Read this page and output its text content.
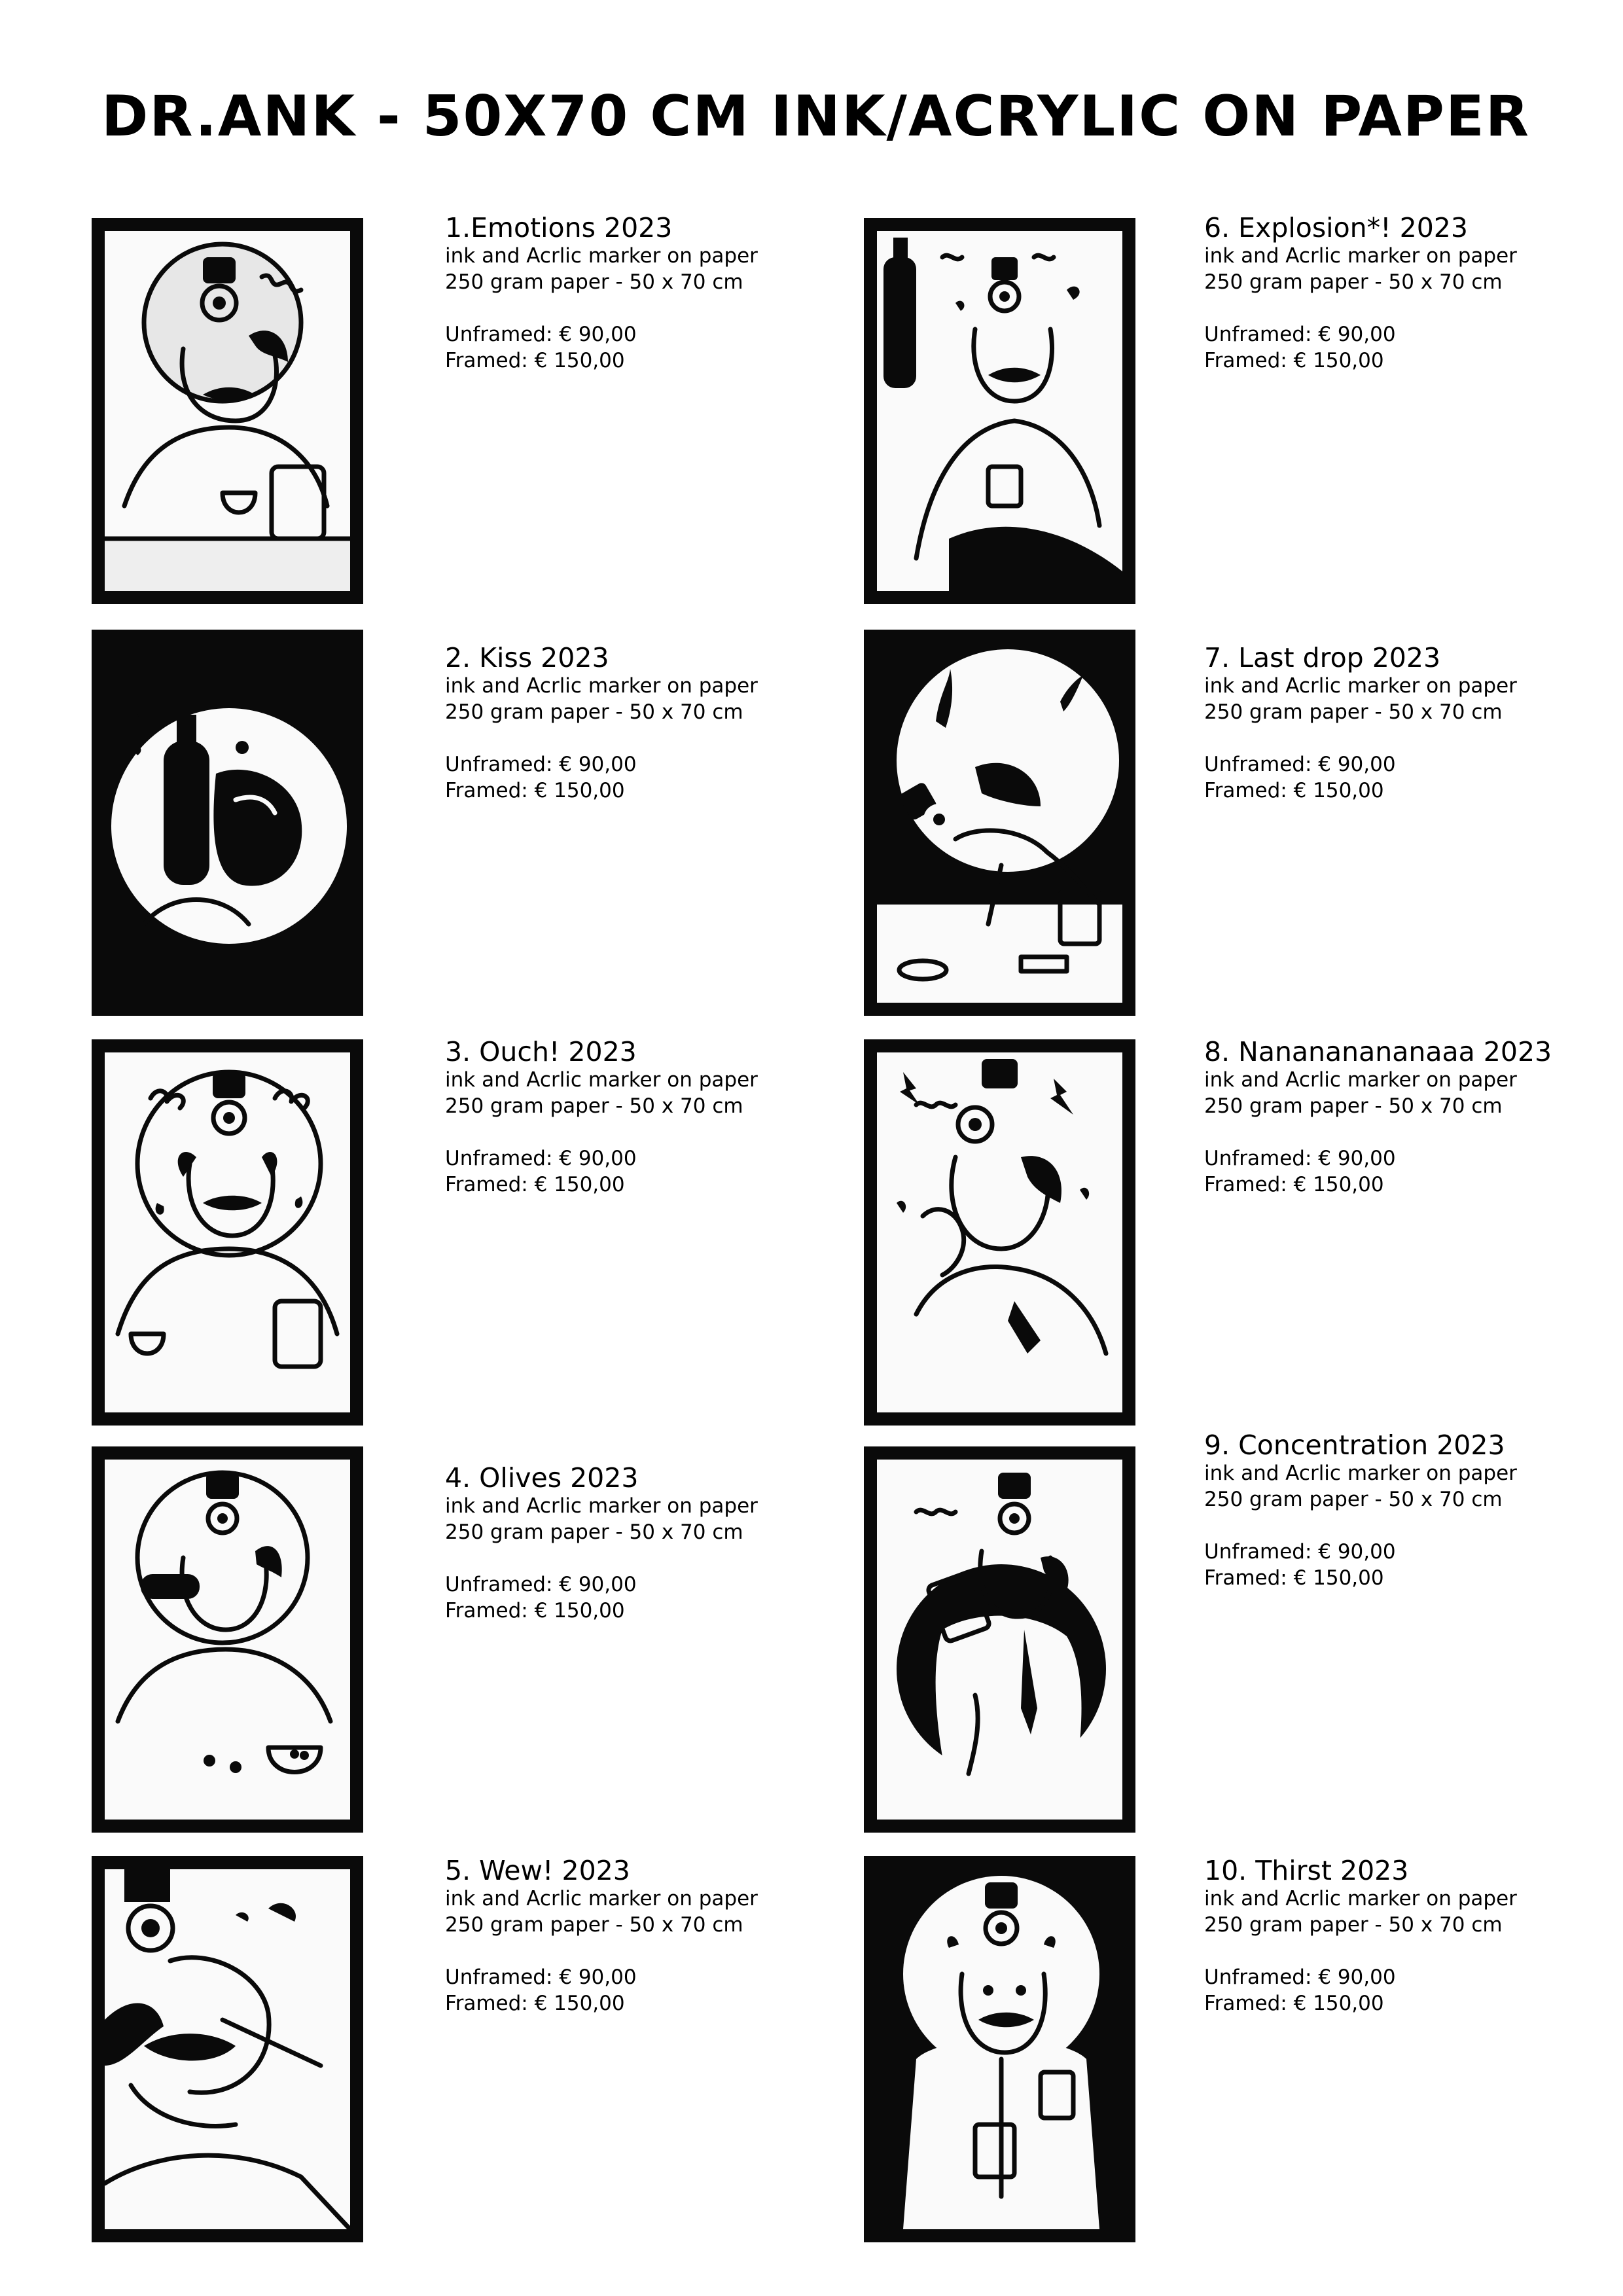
DR.ANK - 50X70 CM INK/ACRYLIC ON PAPER
1.Emotions 2023
ink and Acrlic marker on paper
250 gram paper - 50 x 70 cm
Unframed: € 90,00
Framed: € 150,00
2. Kiss 2023
ink and Acrlic marker on paper
250 gram paper - 50 x 70 cm
Unframed: € 90,00
Framed: € 150,00
3. Ouch! 2023
ink and Acrlic marker on paper
250 gram paper - 50 x 70 cm
Unframed: € 90,00
Framed: € 150,00
4. Olives 2023
ink and Acrlic marker on paper
250 gram paper - 50 x 70 cm
Unframed: € 90,00
Framed: € 150,00
5. Wew! 2023
ink and Acrlic marker on paper
250 gram paper - 50 x 70 cm
Unframed: € 90,00
Framed: € 150,00
6. Explosion*! 2023
ink and Acrlic marker on paper
250 gram paper - 50 x 70 cm
Unframed: € 90,00
Framed: € 150,00
7. Last drop 2023
ink and Acrlic marker on paper
250 gram paper - 50 x 70 cm
Unframed: € 90,00
Framed: € 150,00
8. Nanananananaaa 2023
ink and Acrlic marker on paper
250 gram paper - 50 x 70 cm
Unframed: € 90,00
Framed: € 150,00
9. Concentration 2023
ink and Acrlic marker on paper
250 gram paper - 50 x 70 cm
Unframed: € 90,00
Framed: € 150,00
10. Thirst 2023
ink and Acrlic marker on paper
250 gram paper - 50 x 70 cm
Unframed: € 90,00
Framed: € 150,00
